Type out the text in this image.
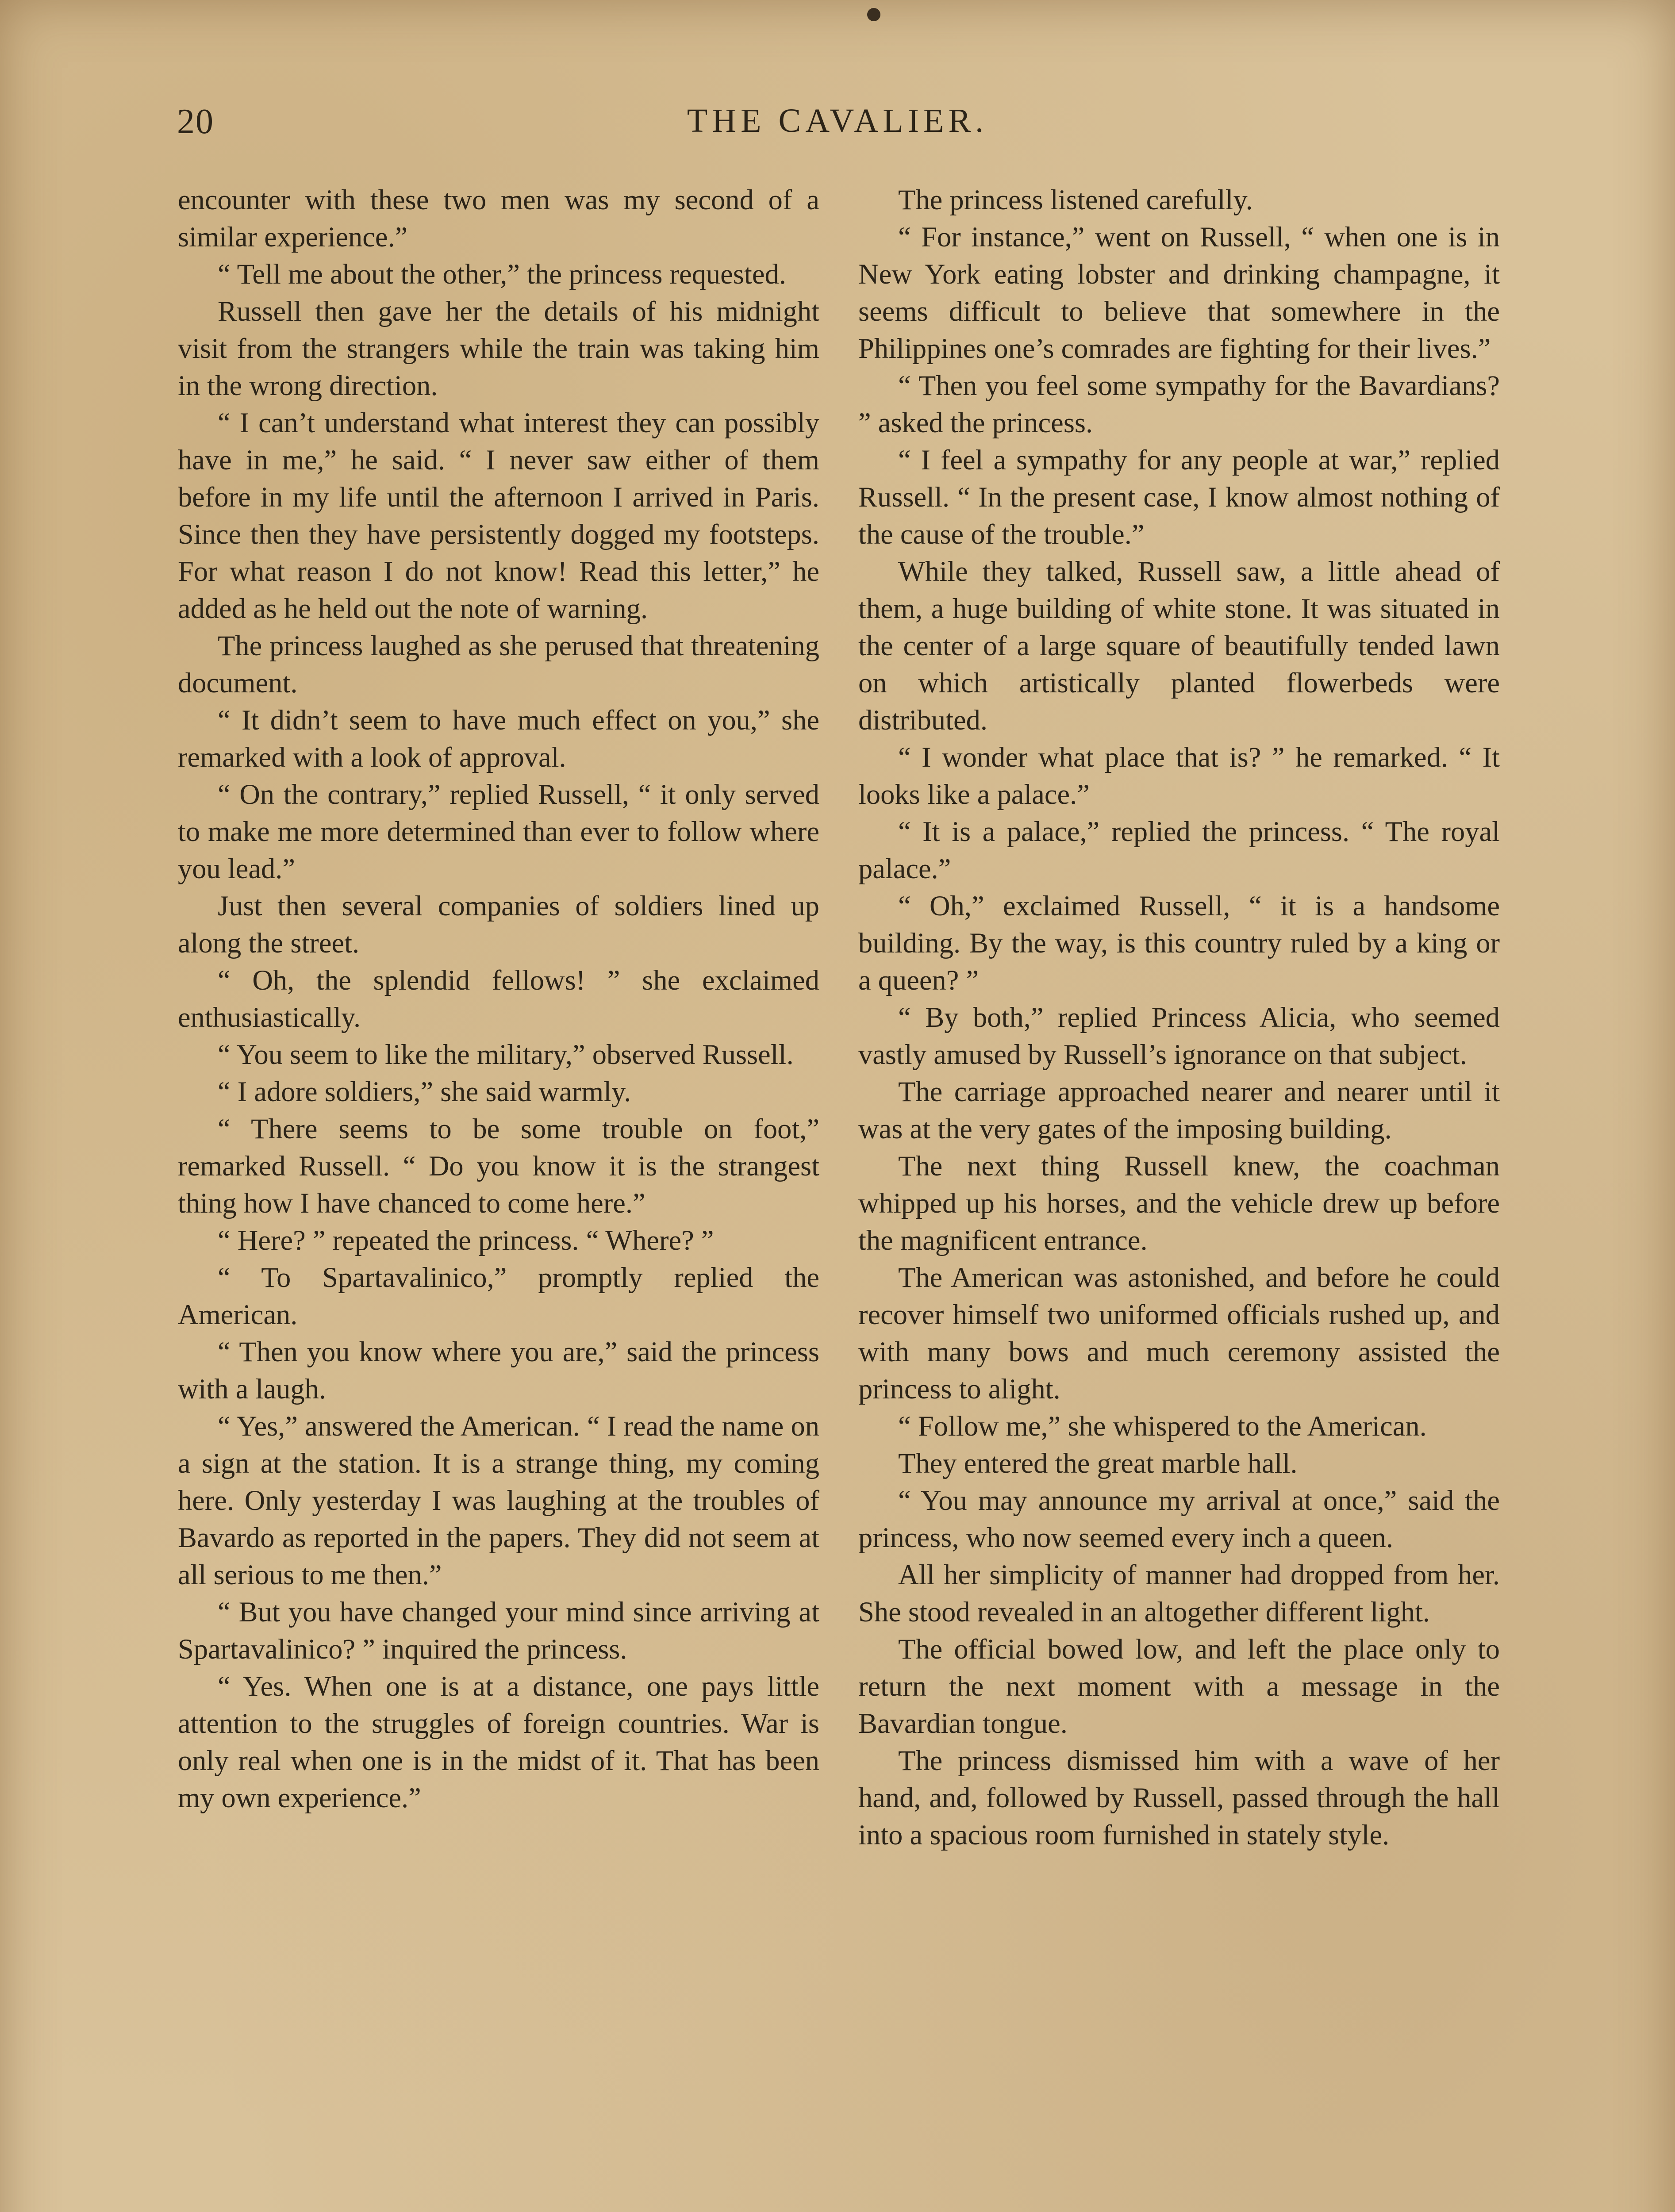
20	THE CAVALIER.

encounter with these two men was my second of a similar experience.”

“ Tell me about the other,” the princess requested.

Russell then gave her the details of his midnight visit from the strangers while the train was taking him in the wrong direction.

“ I can’t understand what interest they can possibly have in me,” he said. “ I never saw either of them before in my life until the afternoon I arrived in Paris. Since then they have persistently dogged my footsteps. For what reason I do not know! Read this letter,” he added as he held out the note of warning.

The princess laughed as she perused that threatening document.

“ It didn’t seem to have much effect on you,” she remarked with a look of approval.

“ On the contrary,” replied Russell, “ it only served to make me more determined than ever to follow where you lead.”

Just then several companies of soldiers lined up along the street.

“ Oh, the splendid fellows! ” she exclaimed enthusiastically.

“ You seem to like the military,” observed Russell.

“ I adore soldiers,” she said warmly.

“ There seems to be some trouble on foot,” remarked Russell. “ Do you know it is the strangest thing how I have chanced to come here.”

“ Here? ” repeated the princess. “ Where? ”

“ To Spartavalinico,” promptly replied the American.

“ Then you know where you are,” said the princess with a laugh.

“ Yes,” answered the American. “ I read the name on a sign at the station. It is a strange thing, my coming here. Only yesterday I was laughing at the troubles of Bavardo as reported in the papers. They did not seem at all serious to me then.”

“ But you have changed your mind since arriving at Spartavalinico? ” inquired the princess.

“ Yes. When one is at a distance, one pays little attention to the struggles of foreign countries. War is only real when one is in the midst of it. That has been my own experience.”

The princess listened carefully.

“ For instance,” went on Russell, “ when one is in New York eating lobster and drinking champagne, it seems difficult to believe that somewhere in the Philippines one’s comrades are fighting for their lives.”

“ Then you feel some sympathy for the Bavardians? ” asked the princess.

“ I feel a sympathy for any people at war,” replied Russell. “ In the present case, I know almost nothing of the cause of the trouble.”

While they talked, Russell saw, a little ahead of them, a huge building of white stone. It was situated in the center of a large square of beautifully tended lawn on which artistically planted flowerbeds were distributed.

“ I wonder what place that is? ” he remarked. “ It looks like a palace.”

“ It is a palace,” replied the princess. “ The royal palace.”

“ Oh,” exclaimed Russell, “ it is a handsome building. By the way, is this country ruled by a king or a queen? ”

“ By both,” replied Princess Alicia, who seemed vastly amused by Russell’s ignorance on that subject.

The carriage approached nearer and nearer until it was at the very gates of the imposing building.

The next thing Russell knew, the coachman whipped up his horses, and the vehicle drew up before the magnificent entrance.

The American was astonished, and before he could recover himself two uniformed officials rushed up, and with many bows and much ceremony assisted the princess to alight.

“ Follow me,” she whispered to the American.

They entered the great marble hall.

“ You may announce my arrival at once,” said the princess, who now seemed every inch a queen.

All her simplicity of manner had dropped from her. She stood revealed in an altogether different light.

The official bowed low, and left the place only to return the next moment with a message in the Bavardian tongue.

The princess dismissed him with a wave of her hand, and, followed by Russell, passed through the hall into a spacious room furnished in stately style.
